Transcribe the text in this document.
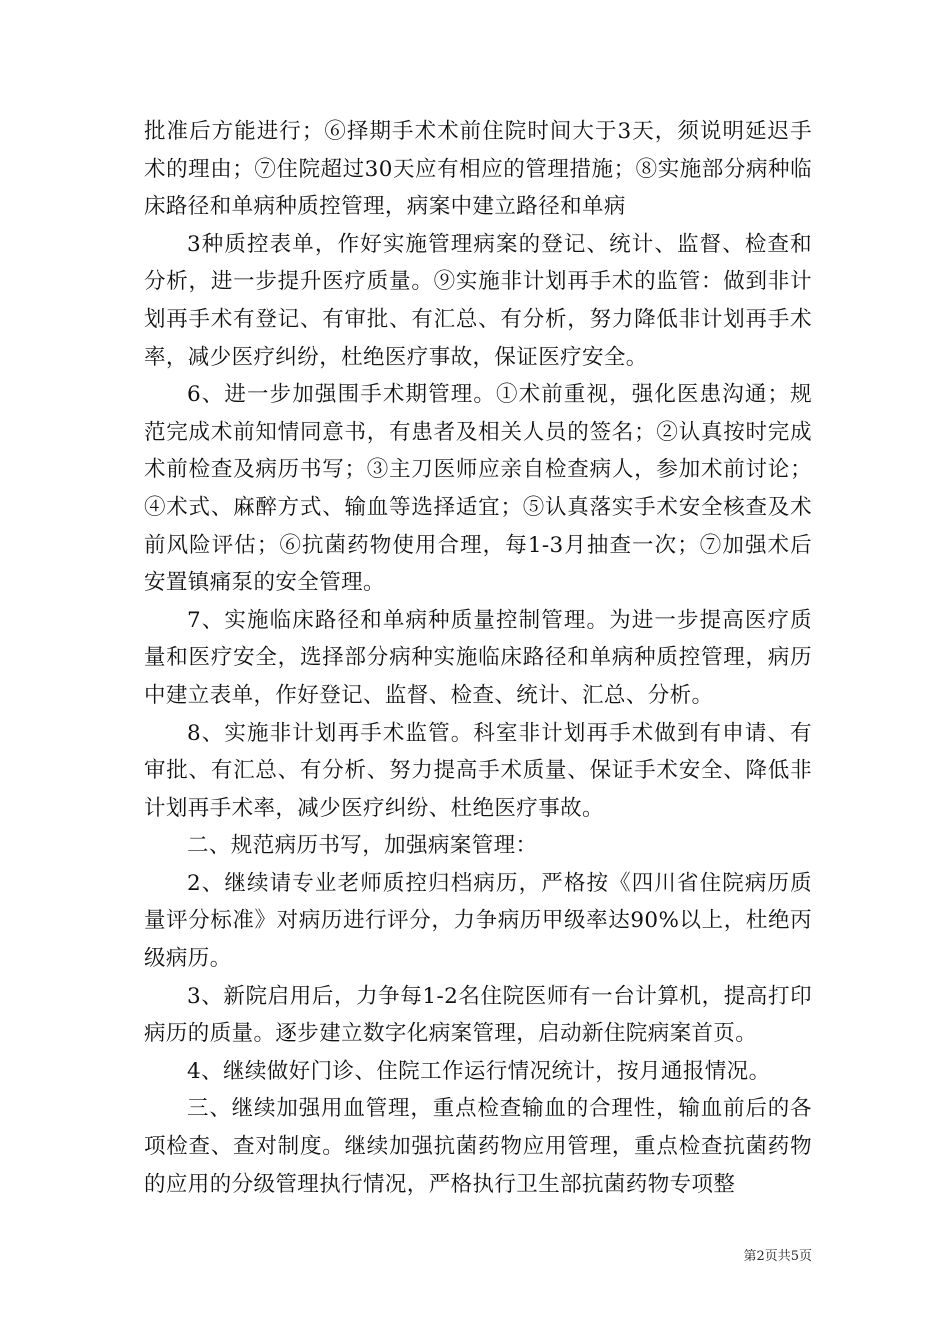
批准后方能进行；⑥择期手术术前住院时间大于3天，须说明延迟手术的理由；⑦住院超过30天应有相应的管理措施；⑧实施部分病种临床路径和单病种质控管理，病案中建立路径和单病

3种质控表单，作好实施管理病案的登记、统计、监督、检查和分析，进一步提升医疗质量。⑨实施非计划再手术的监管：做到非计划再手术有登记、有审批、有汇总、有分析，努力降低非计划再手术率，减少医疗纠纷，杜绝医疗事故，保证医疗安全。

6、进一步加强围手术期管理。①术前重视，强化医患沟通；规范完成术前知情同意书，有患者及相关人员的签名；②认真按时完成术前检查及病历书写；③主刀医师应亲自检查病人，参加术前讨论；④术式、麻醉方式、输血等选择适宜；⑤认真落实手术安全核查及术前风险评估；⑥抗菌药物使用合理，每1-3月抽查一次；⑦加强术后安置镇痛泵的安全管理。

7、实施临床路径和单病种质量控制管理。为进一步提高医疗质量和医疗安全，选择部分病种实施临床路径和单病种质控管理，病历中建立表单，作好登记、监督、检查、统计、汇总、分析。

8、实施非计划再手术监管。科室非计划再手术做到有申请、有审批、有汇总、有分析、努力提高手术质量、保证手术安全、降低非计划再手术率，减少医疗纠纷、杜绝医疗事故。

二、规范病历书写，加强病案管理：

2、继续请专业老师质控归档病历，严格按《四川省住院病历质量评分标准》对病历进行评分，力争病历甲级率达90%以上，杜绝丙级病历。

3、新院启用后，力争每1-2名住院医师有一台计算机，提高打印病历的质量。逐步建立数字化病案管理，启动新住院病案首页。

4、继续做好门诊、住院工作运行情况统计，按月通报情况。

三、继续加强用血管理，重点检查输血的合理性，输血前后的各项检查、查对制度。继续加强抗菌药物应用管理，重点检查抗菌药物的应用的分级管理执行情况，严格执行卫生部抗菌药物专项整

第2页共5页
